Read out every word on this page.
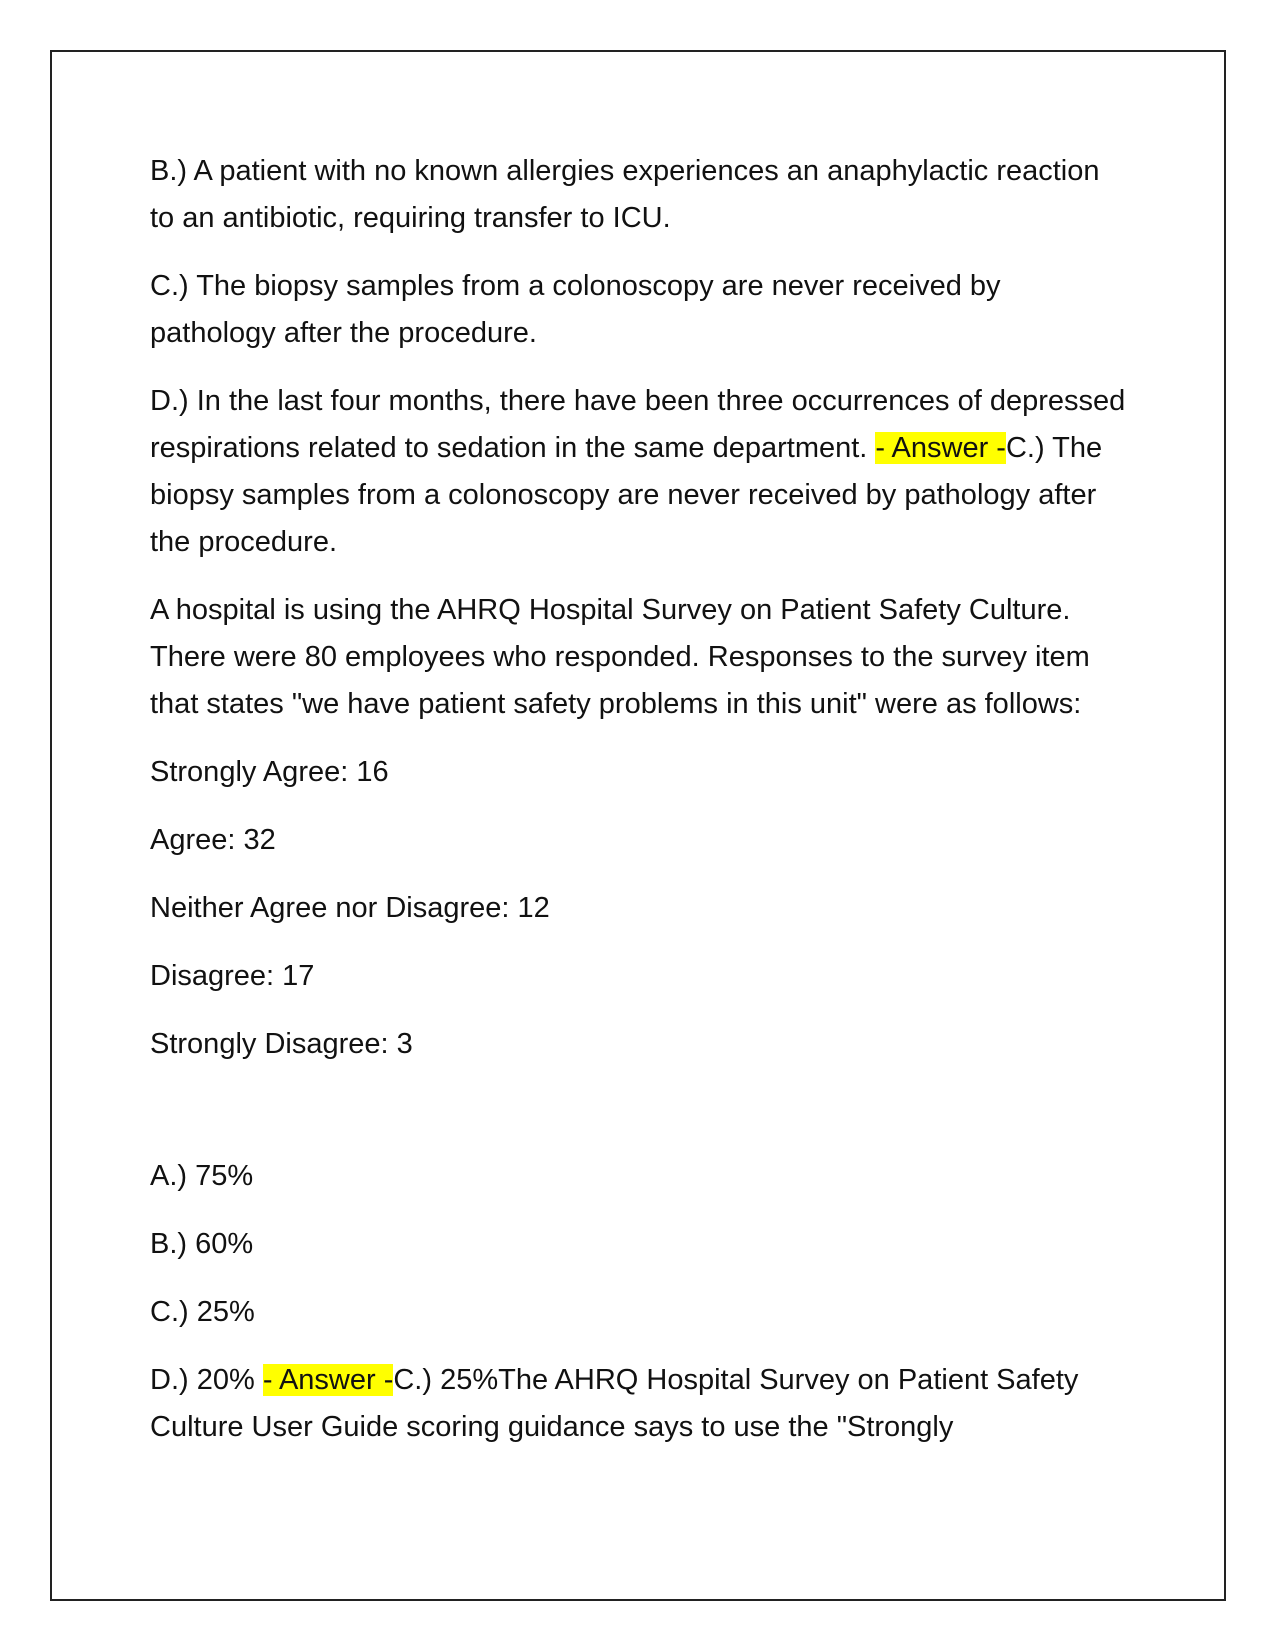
B.) A patient with no known allergies experiences an anaphylactic reaction to an antibiotic, requiring transfer to ICU.

C.) The biopsy samples from a colonoscopy are never received by pathology after the procedure.

D.) In the last four months, there have been three occurrences of depressed respirations related to sedation in the same department. - Answer -C.) The biopsy samples from a colonoscopy are never received by pathology after the procedure.

A hospital is using the AHRQ Hospital Survey on Patient Safety Culture. There were 80 employees who responded. Responses to the survey item that states "we have patient safety problems in this unit" were as follows:

Strongly Agree: 16

Agree: 32

Neither Agree nor Disagree: 12

Disagree: 17

Strongly Disagree: 3

A.) 75%

B.) 60%

C.) 25%

D.) 20% - Answer -C.) 25%The AHRQ Hospital Survey on Patient Safety Culture User Guide scoring guidance says to use the "Strongly
